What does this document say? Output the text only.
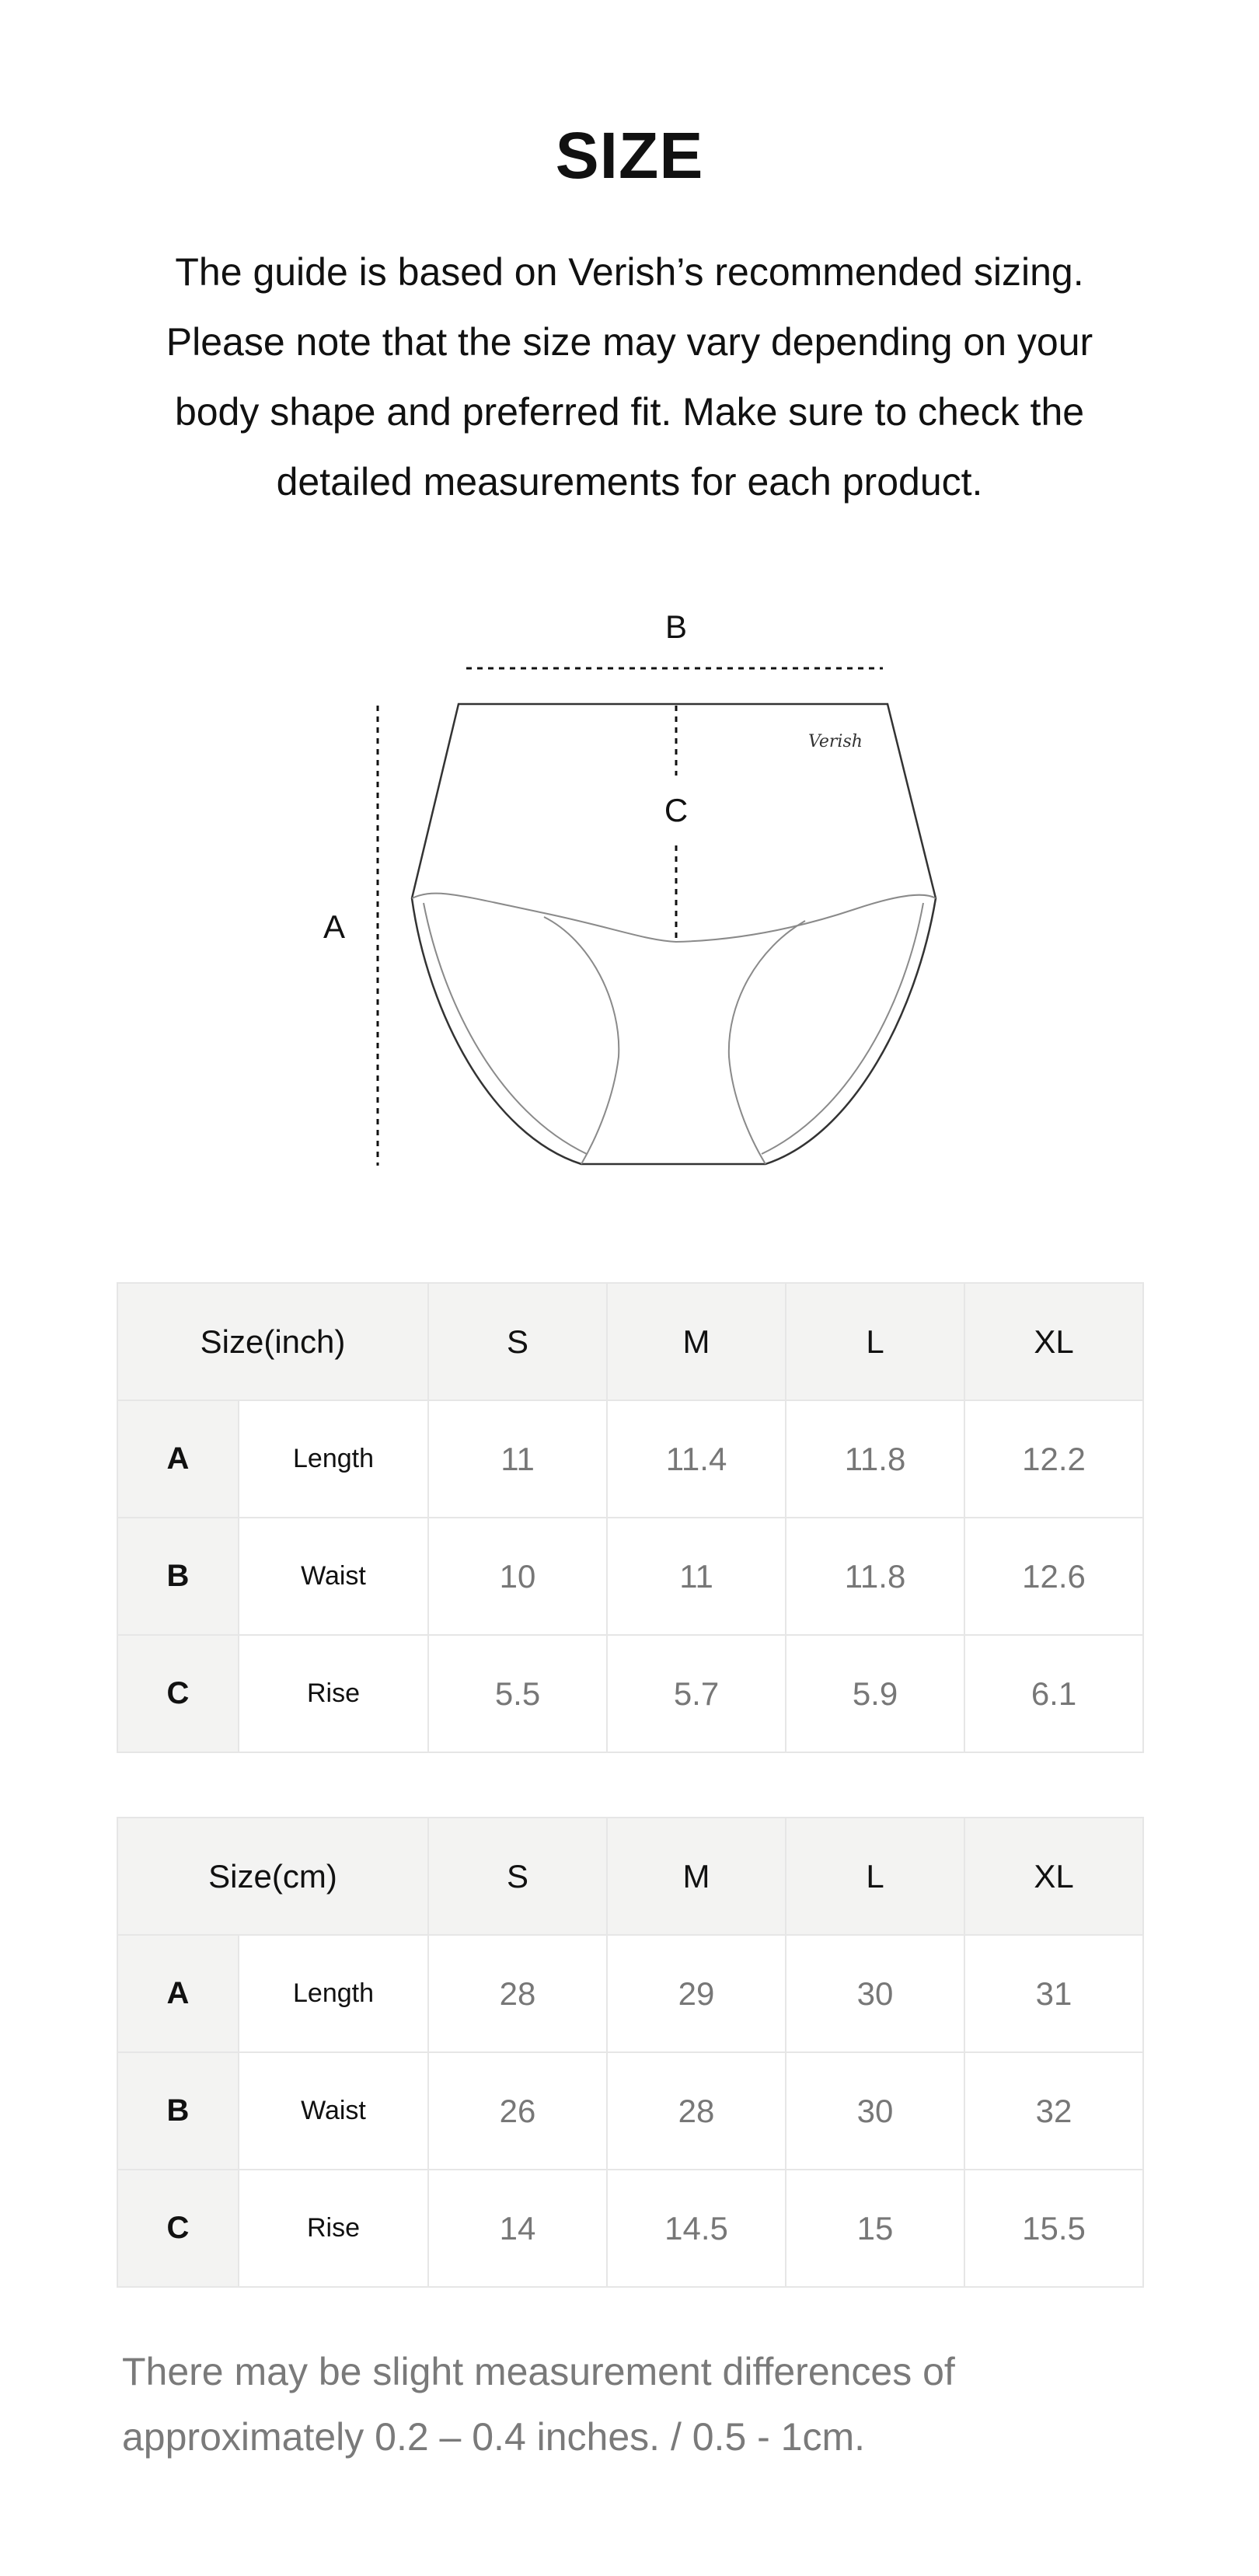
SIZE
The guide is based on Verish’s recommended sizing.
Please note that the size may vary depending on your
body shape and preferred fit. Make sure to check the
detailed measurements for each product.
B
C
A
Verish
Size(inch)		S	M	L	XL
A	Length	11	11.4	11.8	12.2
B	Waist	10	11	11.8	12.6
C	Rise	5.5	5.7	5.9	6.1
Size(cm)		S	M	L	XL
A	Length	28	29	30	31
B	Waist	26	28	30	32
C	Rise	14	14.5	15	15.5
There may be slight measurement differences of
approximately 0.2 – 0.4 inches. / 0.5 - 1cm.
